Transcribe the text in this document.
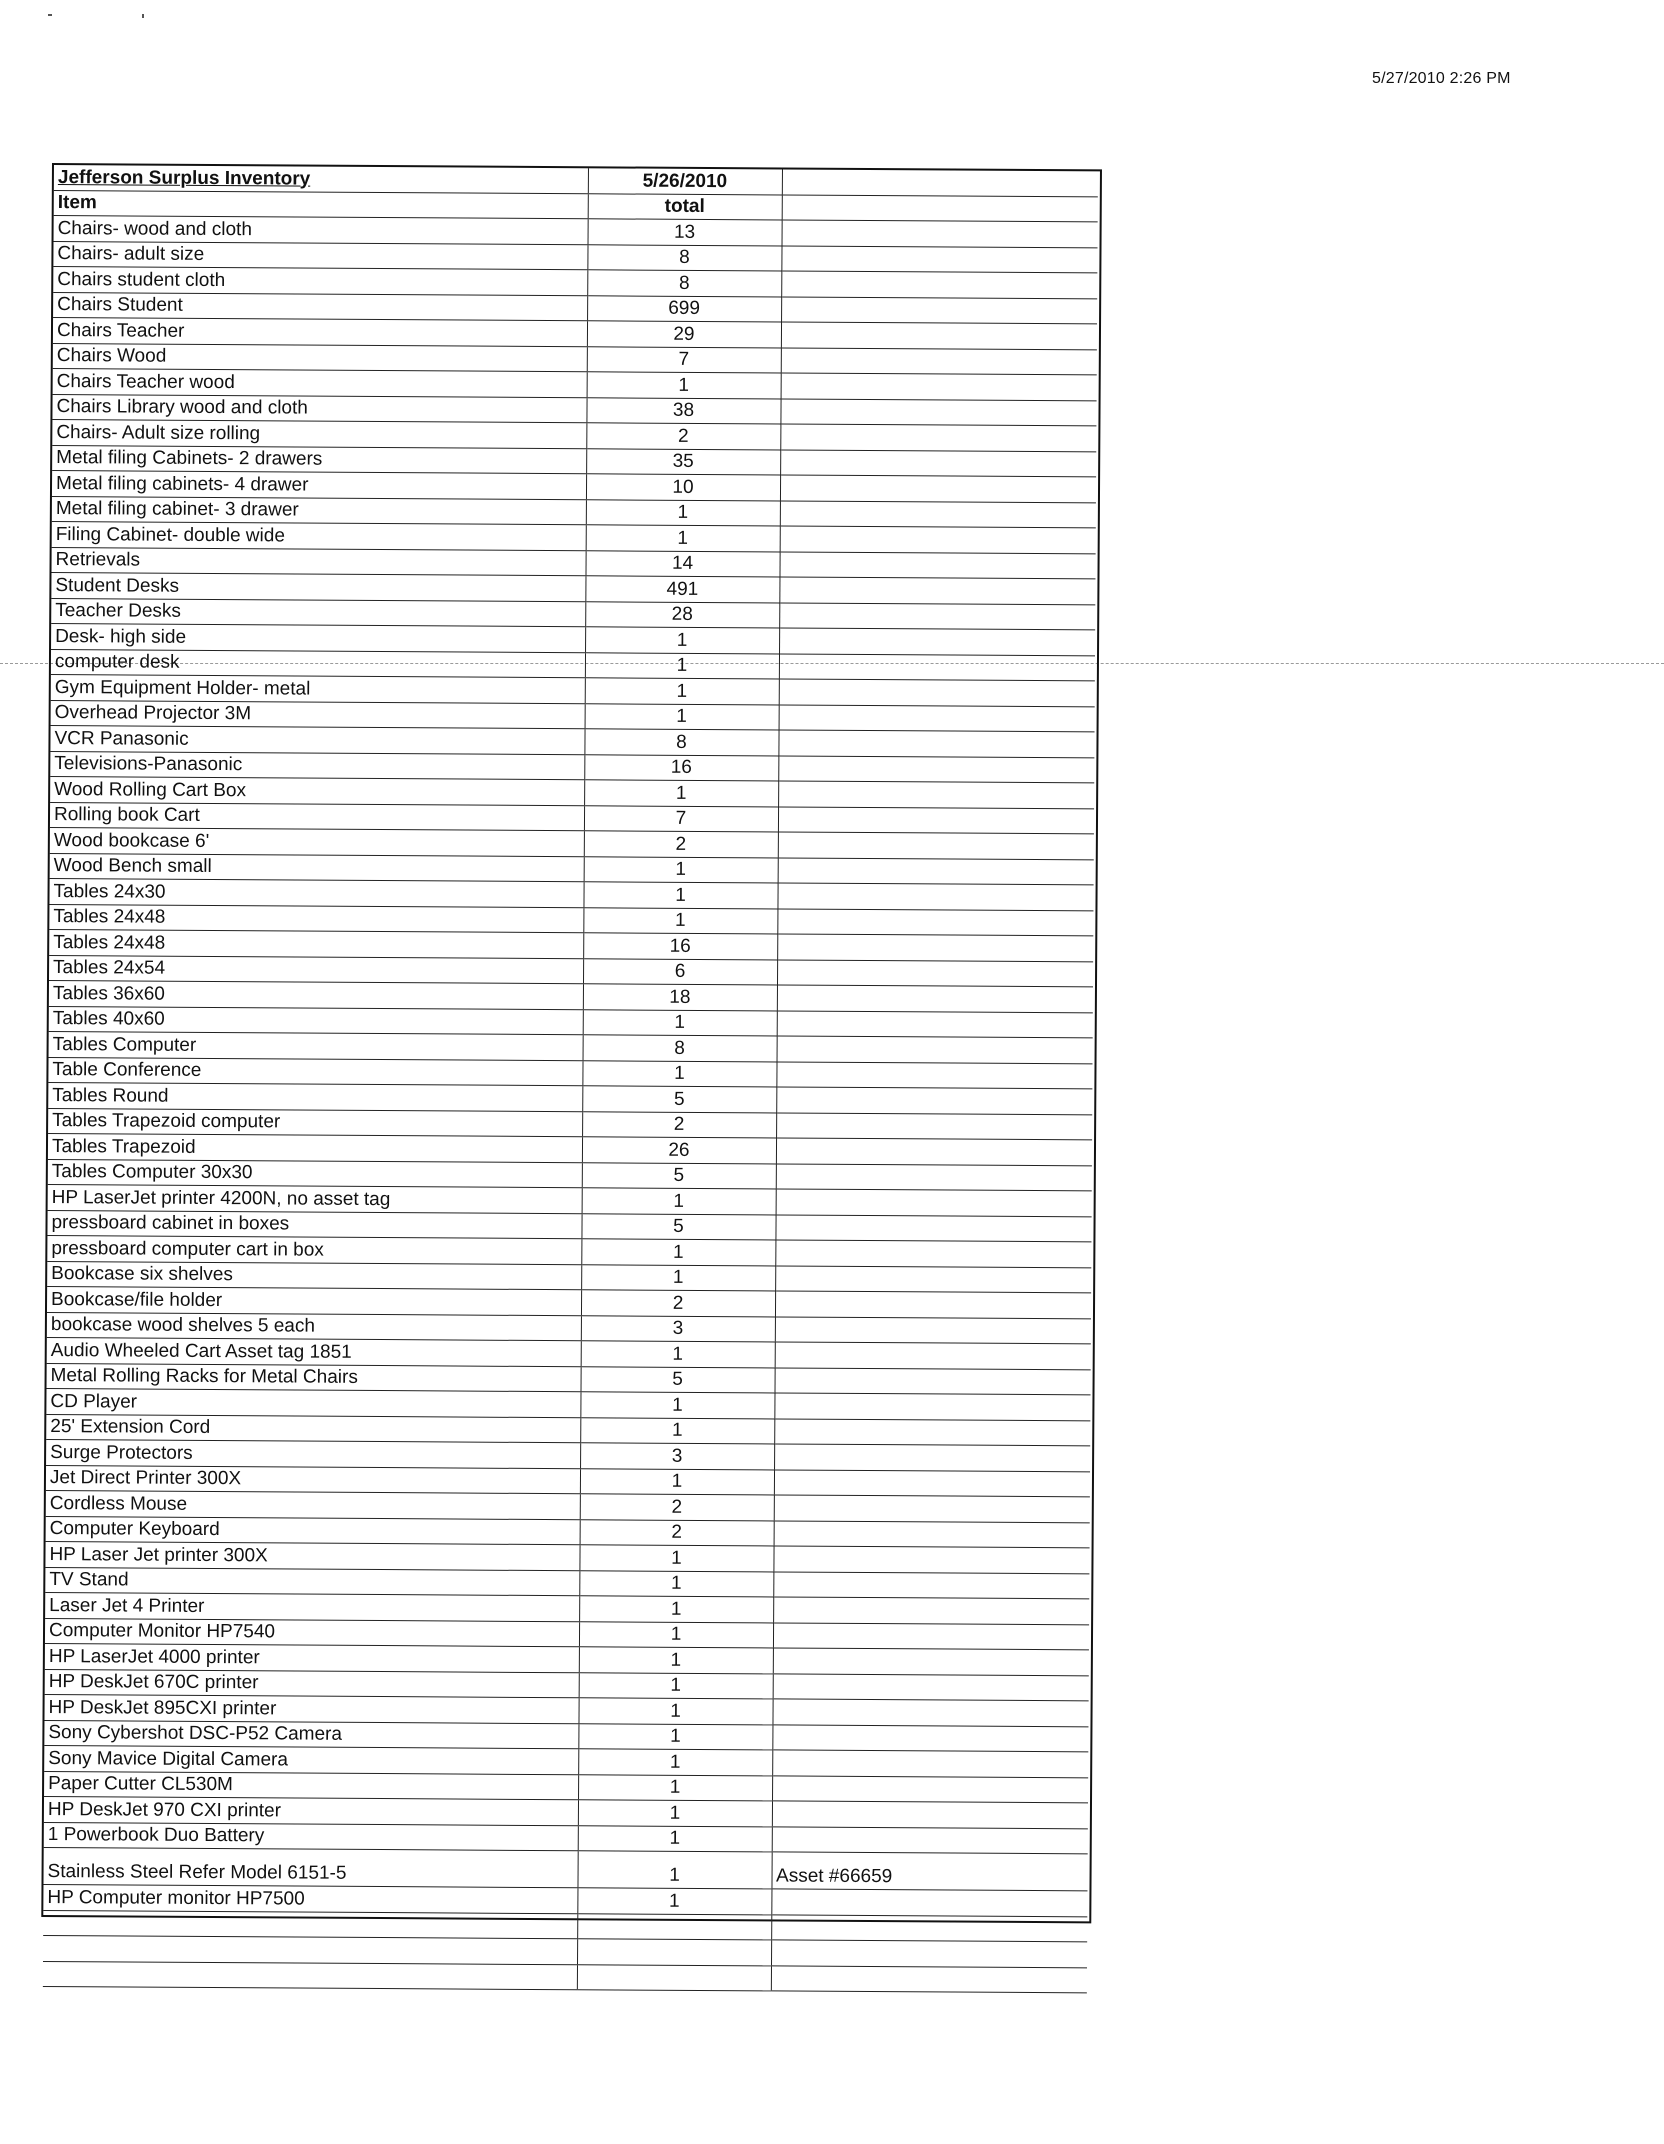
5/27/2010 2:26 PM
Jefferson Surplus Inventory	5/26/2010	
Item	total	
Chairs- wood and cloth	13	
Chairs- adult size	8	
Chairs student cloth	8	
Chairs Student	699	
Chairs Teacher	29	
Chairs Wood	7	
Chairs Teacher wood	1	
Chairs Library wood and cloth	38	
Chairs- Adult size rolling	2	
Metal filing Cabinets- 2 drawers	35	
Metal filing cabinets- 4 drawer	10	
Metal filing cabinet- 3 drawer	1	
Filing Cabinet- double wide	1	
Retrievals	14	
Student Desks	491	
Teacher Desks	28	
Desk- high side	1	
computer desk	1	
Gym Equipment Holder- metal	1	
Overhead Projector 3M	1	
VCR Panasonic	8	
Televisions-Panasonic	16	
Wood Rolling Cart Box	1	
Rolling book Cart	7	
Wood bookcase 6'	2	
Wood Bench small	1	
Tables 24x30	1	
Tables 24x48	1	
Tables 24x48	16	
Tables 24x54	6	
Tables 36x60	18	
Tables 40x60	1	
Tables Computer	8	
Table Conference	1	
Tables Round	5	
Tables Trapezoid computer	2	
Tables Trapezoid	26	
Tables Computer 30x30	5	
HP LaserJet printer 4200N, no asset tag	1	
pressboard cabinet in boxes	5	
pressboard computer cart in box	1	
Bookcase six shelves	1	
Bookcase/file holder	2	
bookcase wood shelves 5 each	3	
Audio Wheeled Cart Asset tag 1851	1	
Metal Rolling Racks for Metal Chairs	5	
CD Player	1	
25' Extension Cord	1	
Surge Protectors	3	
Jet Direct Printer 300X	1	
Cordless Mouse	2	
Computer Keyboard	2	
HP Laser Jet printer 300X	1	
TV Stand	1	
Laser Jet 4 Printer	1	
Computer Monitor HP7540	1	
HP LaserJet 4000 printer	1	
HP DeskJet 670C printer	1	
HP DeskJet 895CXI printer	1	
Sony Cybershot DSC-P52 Camera	1	
Sony Mavice Digital Camera	1	
Paper Cutter CL530M	1	
HP DeskJet 970 CXI printer	1	
1 Powerbook Duo Battery	1	
Stainless Steel Refer Model 6151-5	1	Asset #66659
HP Computer monitor HP7500	1	
